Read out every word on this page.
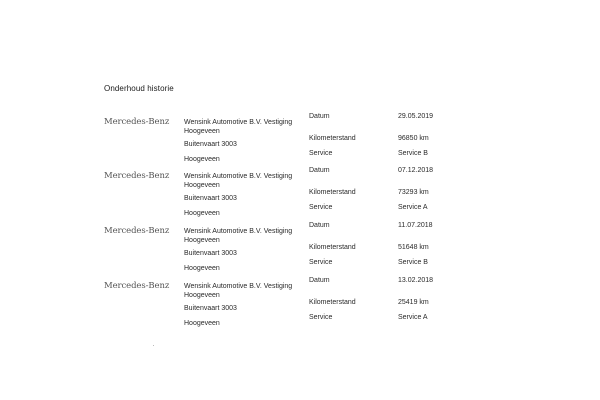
Onderhoud historie
Mercedes-Benz Wensink Automotive B.V. Vestiging
Hoogeveen
Buitenvaart 3003
Hoogeveen
Datum
Kilometerstand
Service
29.05.2019
96850 km
Service B
Mercedes-Benz Wensink Automotive B.V. Vestiging
Hoogeveen
Buitenvaart 3003
Hoogeveen
Datum
Kilometerstand
Service
07.12.2018
73293 km
Service A
Mercedes-Benz Wensink Automotive B.V. Vestiging
Hoogeveen
Buitenvaart 3003
Hoogeveen
Datum
Kilometerstand
Service
11.07.2018
51648 km
Service B
Mercedes-Benz Wensink Automotive B.V. Vestiging
Hoogeveen
Buitenvaart 3003
Hoogeveen
Datum
Kilometerstand
Service
13.02.2018
25419 km
Service A
